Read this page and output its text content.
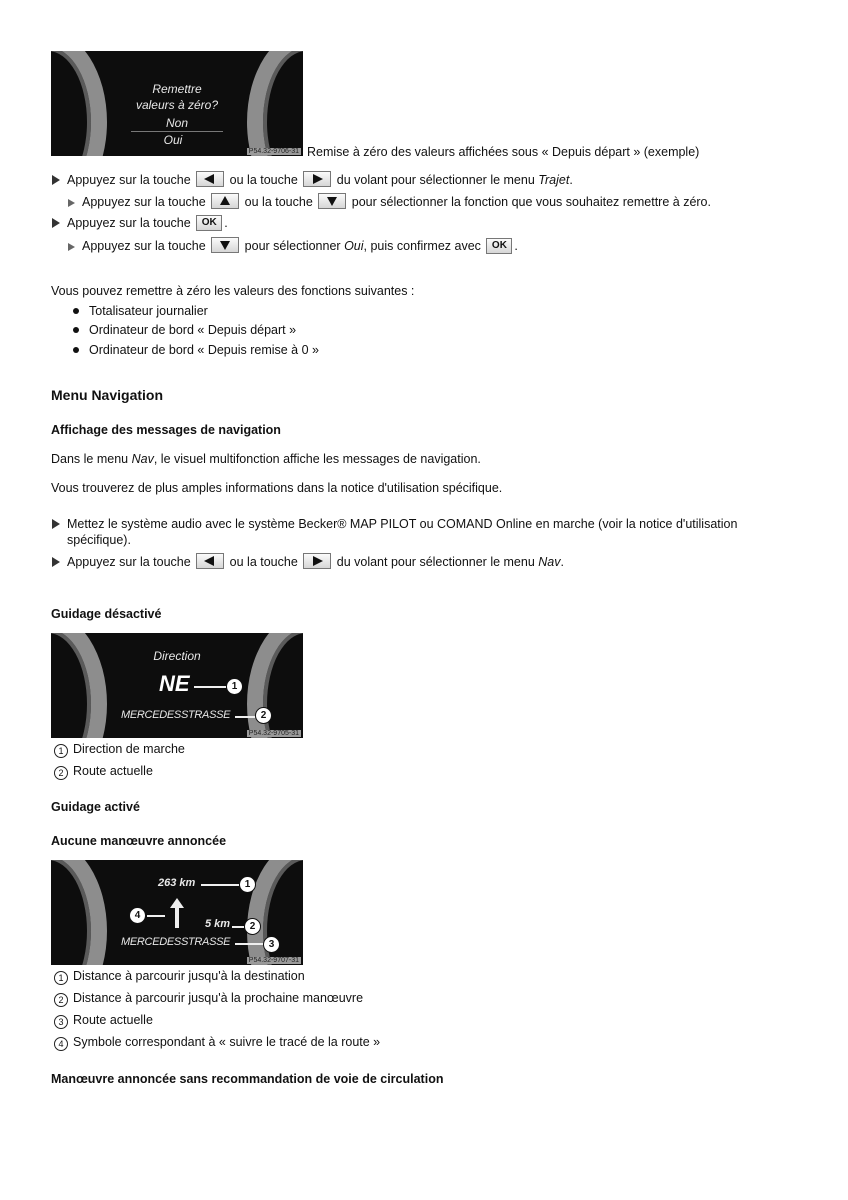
Remettre
valeurs à zéro?
Non
Oui
P54.32-9706-31 Remise à zéro des valeurs affichées sous « Depuis départ » (exemple)
Appuyez sur la touche	ou la touche	du volant pour sélectionner le menu Trajet.
Appuyez sur la touche	ou la touche	pour sélectionner la fonction que vous souhaitez remettre à zéro.
Appuyez sur la touche OK .
Appuyez sur la touche	pour sélectionner Oui, puis confirmez avec OK .
Vous pouvez remettre à zéro les valeurs des fonctions suivantes :
Totalisateur journalier
Ordinateur de bord « Depuis départ »
Ordinateur de bord « Depuis remise à 0 »
Menu Navigation
Affichage des messages de navigation
Dans le menu Nav, le visuel multifonction affiche les messages de navigation.
Vous trouverez de plus amples informations dans la notice d'utilisation spécifique.
Mettez le système audio avec le système Becker® MAP PILOT ou COMAND Online en marche (voir la notice d'utilisation
spécifique).
Appuyez sur la touche	ou la touche	du volant pour sélectionner le menu Nav.
Guidage désactivé
Direction
NE	1
MERCEDESSTRASSE	2
P54.32-9705-31
1 Direction de marche
2 Route actuelle
Guidage activé
Aucune manœuvre annoncée
263 km	1
4
5 km	2
MERCEDESSTRASSE	3
P54.32-9707-31
1 Distance à parcourir jusqu'à la destination
2 Distance à parcourir jusqu'à la prochaine manœuvre
3 Route actuelle
4 Symbole correspondant à « suivre le tracé de la route »
Manœuvre annoncée sans recommandation de voie de circulation
